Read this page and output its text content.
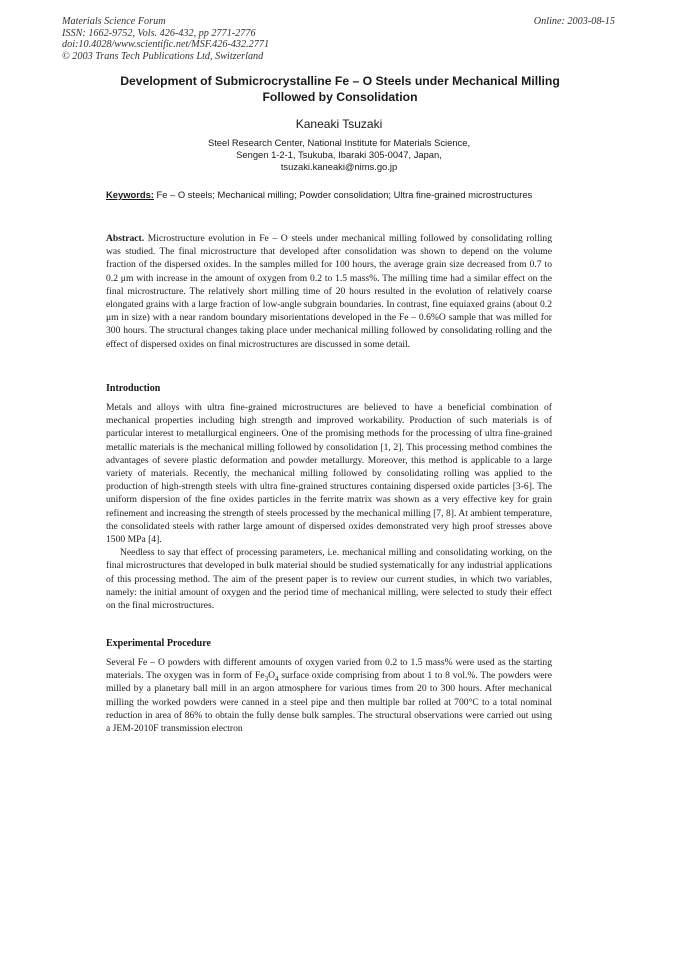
Materials Science Forum
ISSN: 1662-9752, Vols. 426-432, pp 2771-2776
doi:10.4028/www.scientific.net/MSF.426-432.2771
© 2003 Trans Tech Publications Ltd, Switzerland
Online: 2003-08-15
Development of Submicrocrystalline Fe – O Steels under Mechanical Milling Followed by Consolidation
Kaneaki Tsuzaki
Steel Research Center, National Institute for Materials Science,
Sengen 1-2-1, Tsukuba, Ibaraki 305-0047, Japan,
tsuzaki.kaneaki@nims.go.jp
Keywords: Fe – O steels; Mechanical milling; Powder consolidation; Ultra fine-grained microstructures

Abstract. Microstructure evolution in Fe – O steels under mechanical milling followed by consolidating rolling was studied. The final microstructure that developed after consolidation was shown to depend on the volume fraction of the dispersed oxides. In the samples milled for 100 hours, the average grain size decreased from 0.7 to 0.2 μm with increase in the amount of oxygen from 0.2 to 1.5 mass%. The milling time had a similar effect on the final microstructure. The relatively short milling time of 20 hours resulted in the evolution of relatively coarse elongated grains with a large fraction of low-angle subgrain boundaries. In contrast, fine equiaxed grains (about 0.2 μm in size) with a near random boundary misorientations developed in the Fe – 0.6%O sample that was milled for 300 hours. The structural changes taking place under mechanical milling followed by consolidating rolling and the effect of dispersed oxides on final microstructures are discussed in some detail.

Introduction

Metals and alloys with ultra fine-grained microstructures are believed to have a beneficial combination of mechanical properties including high strength and improved workability. Production of such materials is of particular interest to metallurgical engineers. One of the promising methods for the processing of ultra fine-grained metallic materials is the mechanical milling followed by consolidation [1, 2]. This processing method combines the advantages of severe plastic deformation and powder metallurgy. Moreover, this method is applicable to a large variety of materials. Recently, the mechanical milling followed by consolidating rolling was applied to the production of high-strength steels with ultra fine-grained structures containing dispersed oxide particles [3-6]. The uniform dispersion of the fine oxides particles in the ferrite matrix was shown as a very effective key for grain refinement and increasing the strength of steels processed by the mechanical milling [7, 8]. At ambient temperature, the consolidated steels with rather large amount of dispersed oxides demonstrated very high proof stresses above 1500 MPa [4].

Needless to say that effect of processing parameters, i.e. mechanical milling and consolidating working, on the final microstructures that developed in bulk material should be studied systematically for any industrial applications of this processing method. The aim of the present paper is to review our current studies, in which two variables, namely: the initial amount of oxygen and the period time of mechanical milling, were selected to study their effect on the final microstructures.

Experimental Procedure

Several Fe – O powders with different amounts of oxygen varied from 0.2 to 1.5 mass% were used as the starting materials. The oxygen was in form of $Fe_3O_4$ surface oxide comprising from about 1 to 8 vol.%. The powders were milled by a planetary ball mill in an argon atmosphere for various times from 20 to 300 hours. After mechanical milling the worked powders were canned in a steel pipe and then multiple bar rolled at 700°C to a total nominal reduction in area of 86% to obtain the fully dense bulk samples. The structural observations were carried out using a JEM-2010F transmission electron
